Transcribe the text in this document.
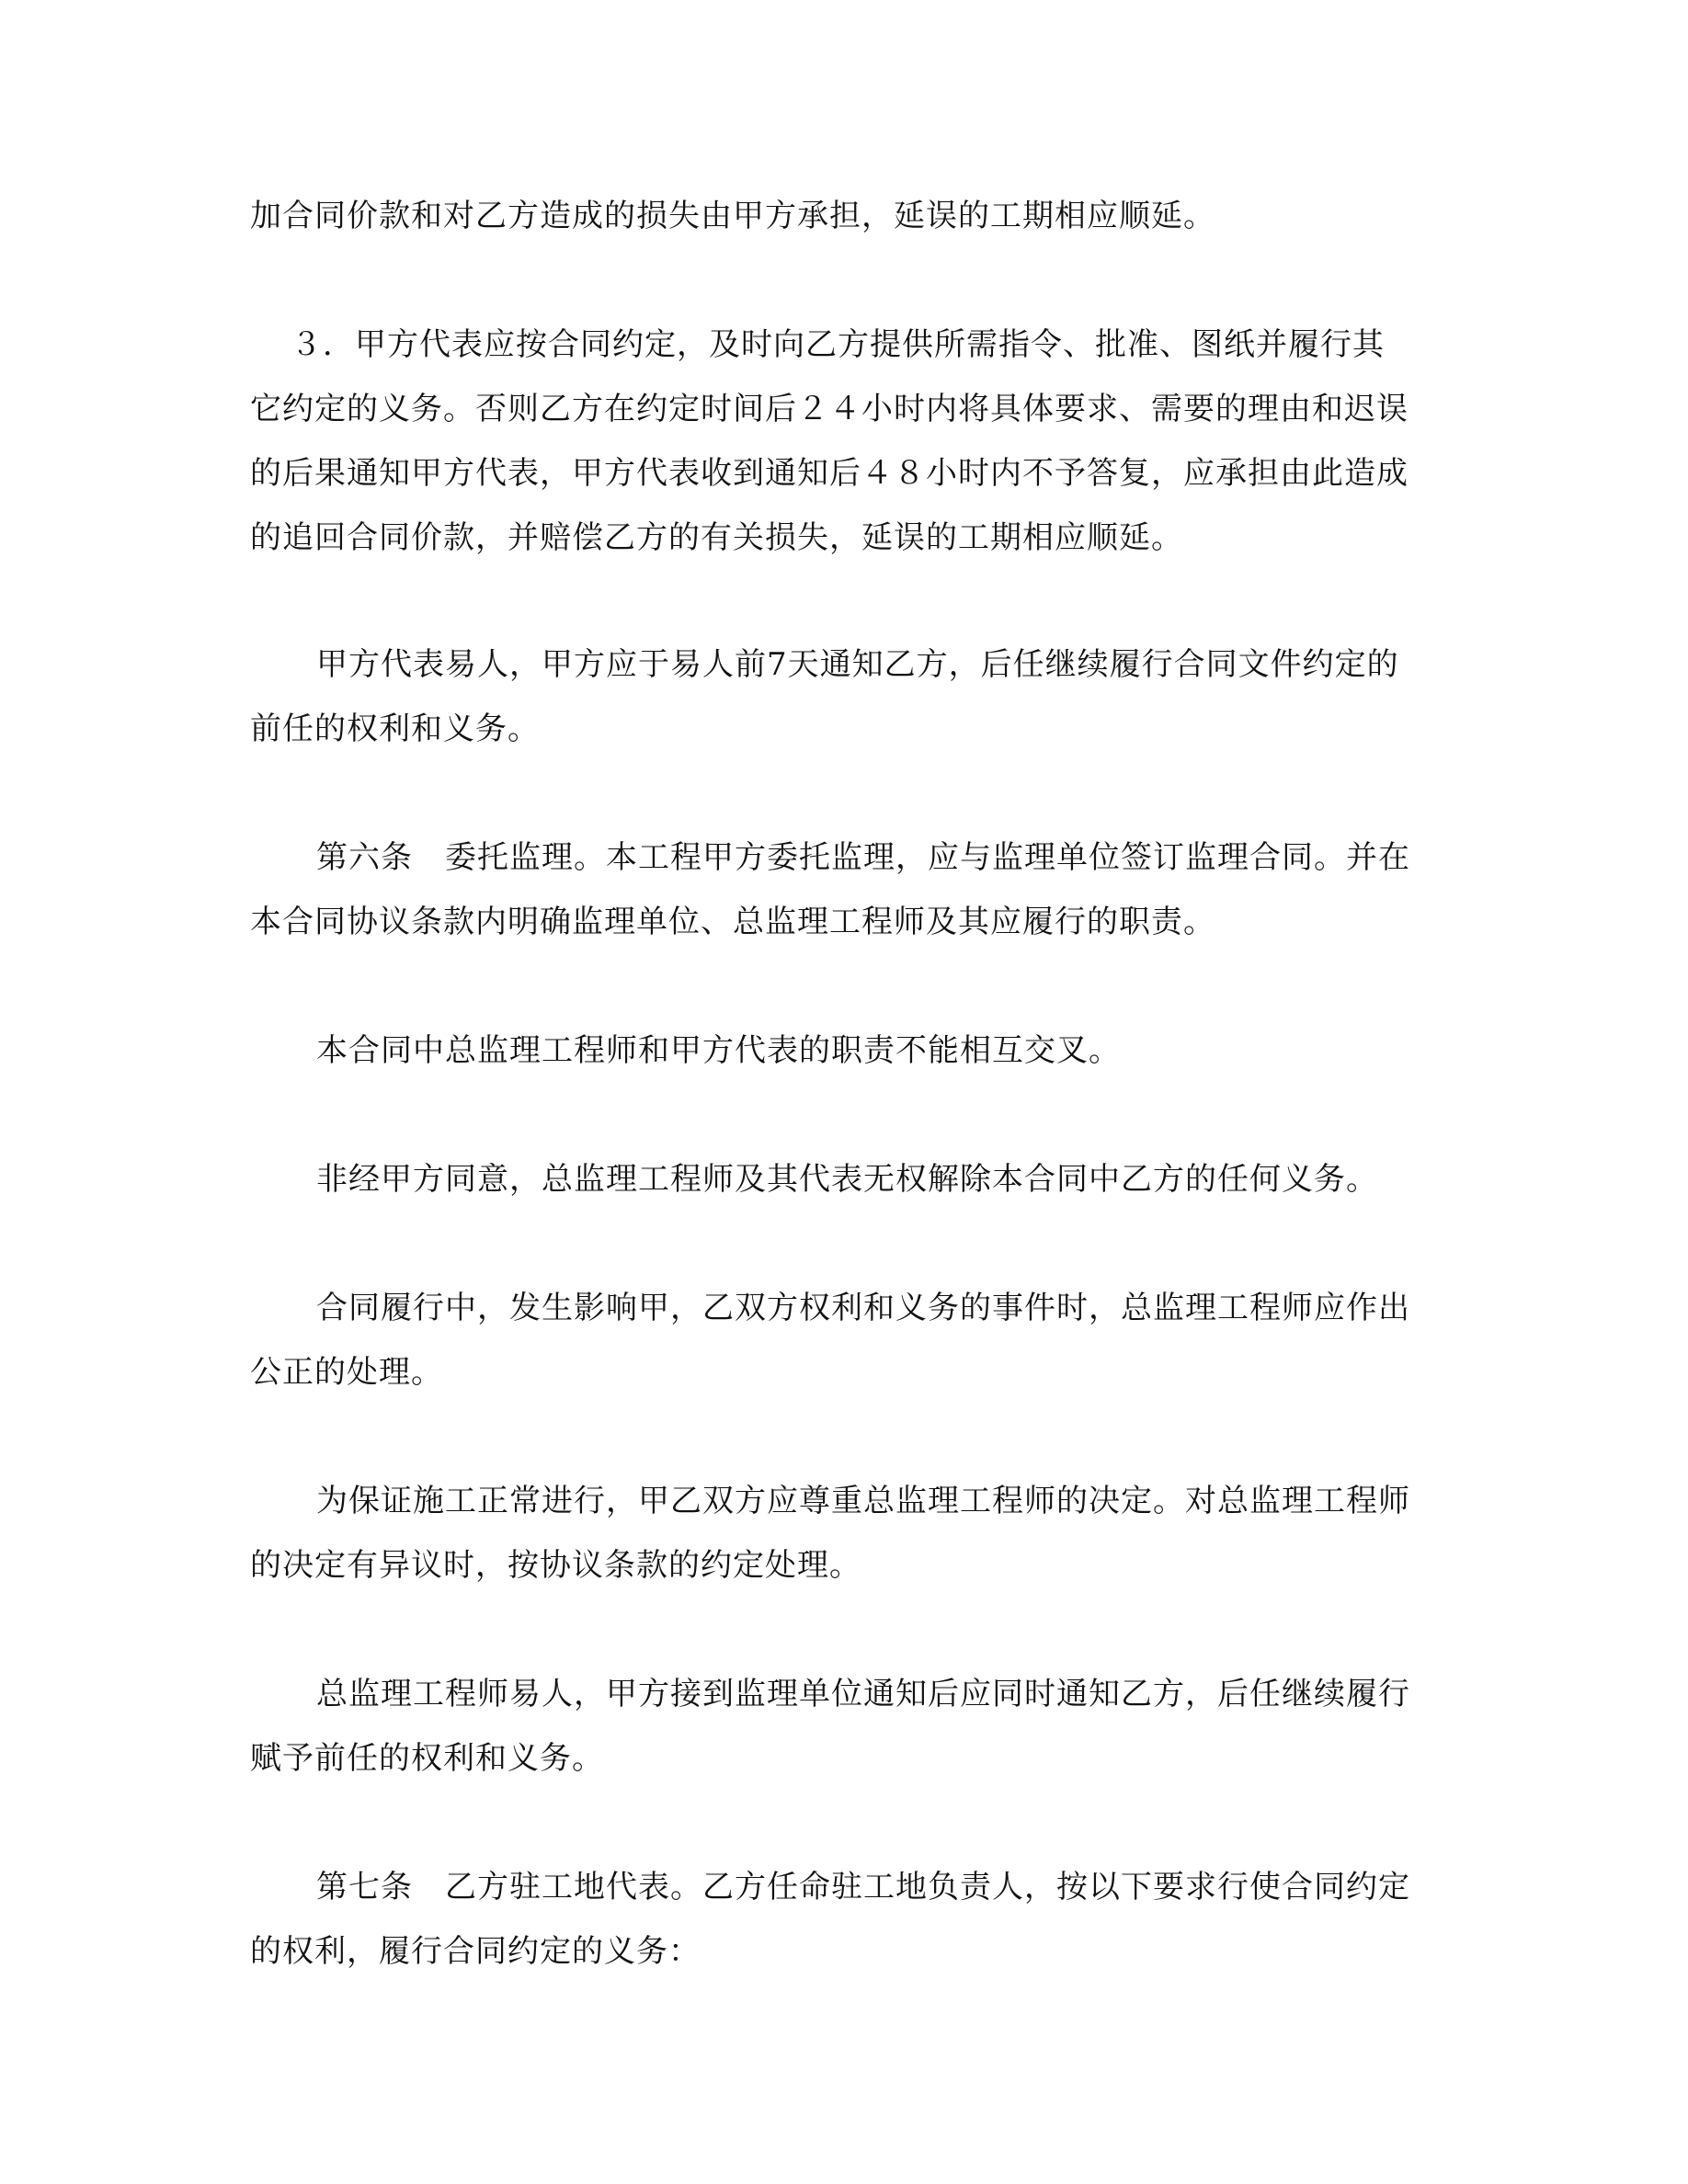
加合同价款和对乙方造成的损失由甲方承担，延误的工期相应顺延。

３．甲方代表应按合同约定，及时向乙方提供所需指令、批准、图纸并履行其
它约定的义务。否则乙方在约定时间后２４小时内将具体要求、需要的理由和迟误
的后果通知甲方代表，甲方代表收到通知后４８小时内不予答复，应承担由此造成
的追回合同价款，并赔偿乙方的有关损失，延误的工期相应顺延。

甲方代表易人，甲方应于易人前7天通知乙方，后任继续履行合同文件约定的
前任的权利和义务。

第六条　委托监理。本工程甲方委托监理，应与监理单位签订监理合同。并在
本合同协议条款内明确监理单位、总监理工程师及其应履行的职责。

本合同中总监理工程师和甲方代表的职责不能相互交叉。

非经甲方同意，总监理工程师及其代表无权解除本合同中乙方的任何义务。

合同履行中，发生影响甲，乙双方权利和义务的事件时，总监理工程师应作出
公正的处理。

为保证施工正常进行，甲乙双方应尊重总监理工程师的决定。对总监理工程师
的决定有异议时，按协议条款的约定处理。

总监理工程师易人，甲方接到监理单位通知后应同时通知乙方，后任继续履行
赋予前任的权利和义务。

第七条　乙方驻工地代表。乙方任命驻工地负责人，按以下要求行使合同约定
的权利，履行合同约定的义务：
